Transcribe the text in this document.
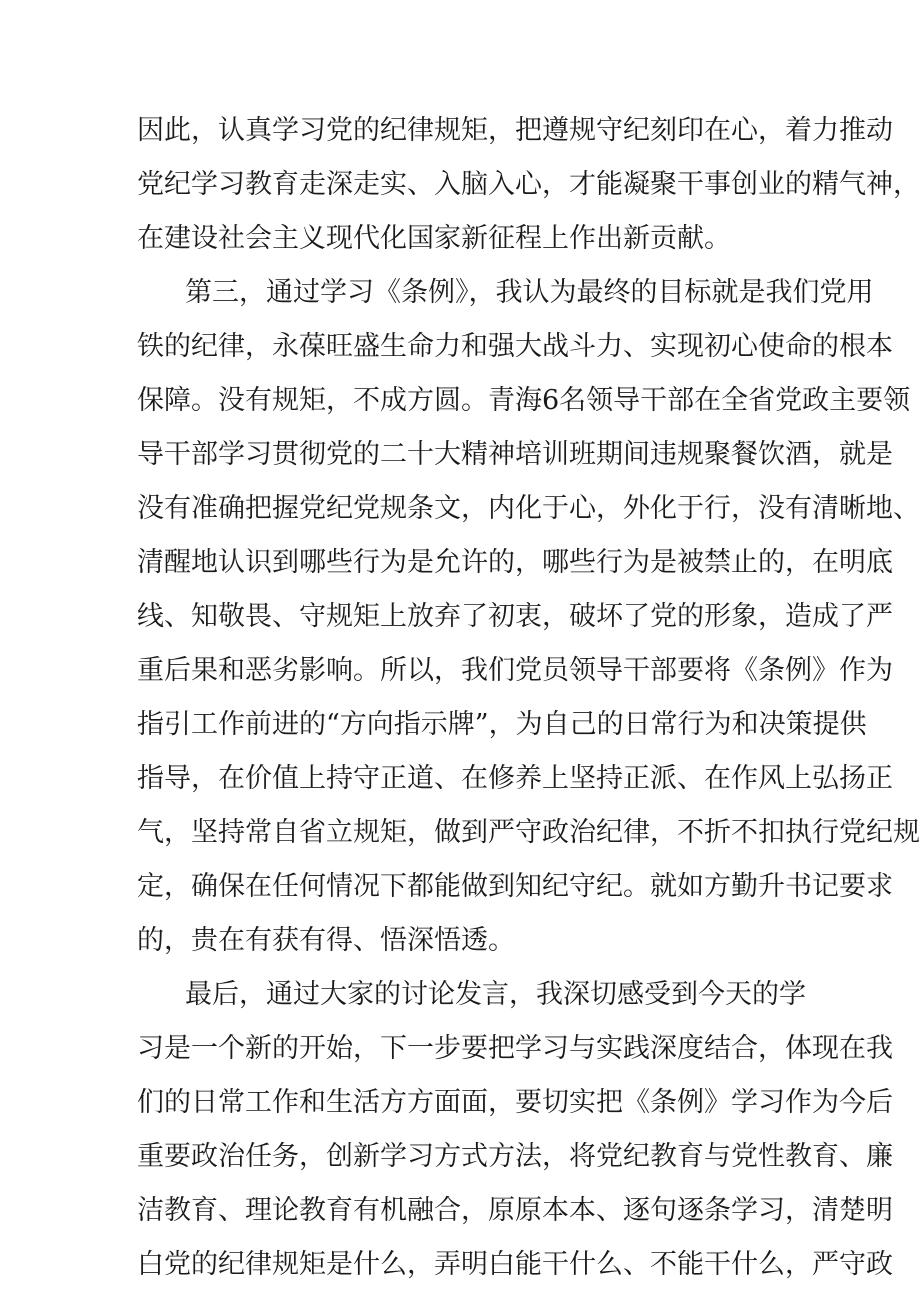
因此，认真学习党的纪律规矩，把遵规守纪刻印在心，着力推动
党纪学习教育走深走实、入脑入心，才能凝聚干事创业的精气神，
在建设社会主义现代化国家新征程上作出新贡献。
第三，通过学习《条例》，我认为最终的目标就是我们党用
铁的纪律，永葆旺盛生命力和强大战斗力、实现初心使命的根本
保障。没有规矩，不成方圆。青海6名领导干部在全省党政主要领
导干部学习贯彻党的二十大精神培训班期间违规聚餐饮酒，就是
没有准确把握党纪党规条文，内化于心，外化于行，没有清晰地、
清醒地认识到哪些行为是允许的，哪些行为是被禁止的，在明底
线、知敬畏、守规矩上放弃了初衷，破坏了党的形象，造成了严
重后果和恶劣影响。所以，我们党员领导干部要将《条例》作为
指引工作前进的“方向指示牌”，为自己的日常行为和决策提供
指导，在价值上持守正道、在修养上坚持正派、在作风上弘扬正
气，坚持常自省立规矩，做到严守政治纪律，不折不扣执行党纪规
定，确保在任何情况下都能做到知纪守纪。就如方勤升书记要求
的，贵在有获有得、悟深悟透。
最后，通过大家的讨论发言，我深切感受到今天的学
习是一个新的开始，下一步要把学习与实践深度结合，体现在我
们的日常工作和生活方方面面，要切实把《条例》学习作为今后
重要政治任务，创新学习方式方法，将党纪教育与党性教育、廉
洁教育、理论教育有机融合，原原本本、逐句逐条学习，清楚明
白党的纪律规矩是什么，弄明白能干什么、不能干什么，严守政
